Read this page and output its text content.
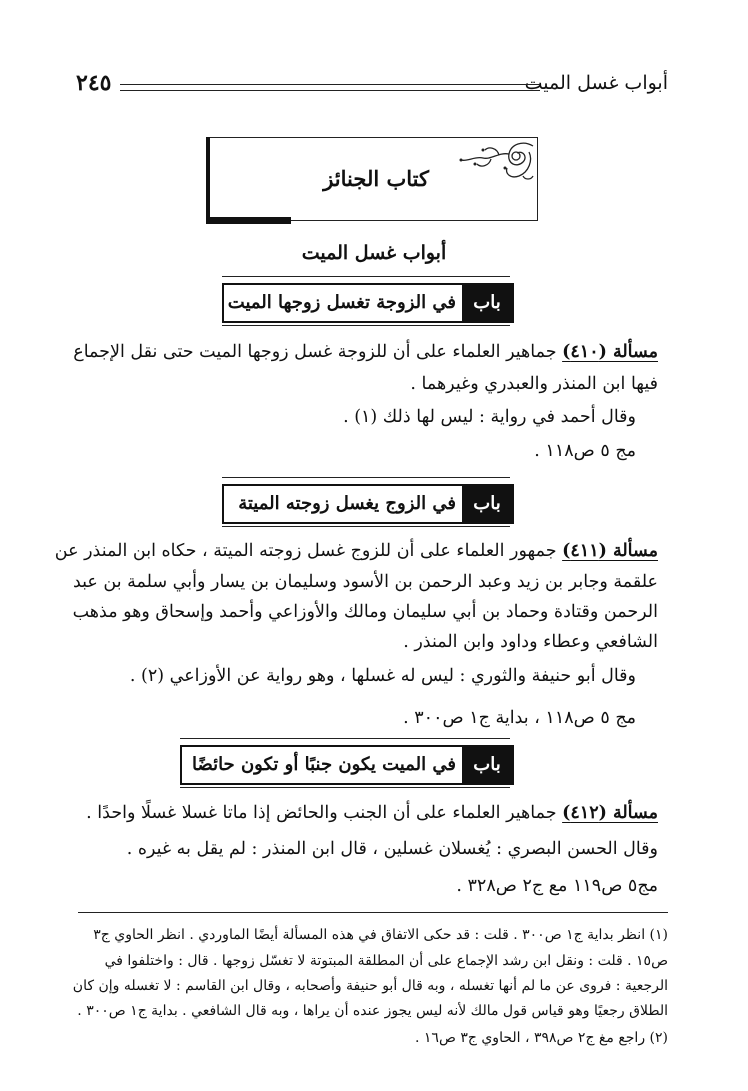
أبواب غسل الميت
٢٤٥
كتاب الجنائز
أبواب غسل الميت
باب
في الزوجة تغسل زوجها الميت
مسألة (٤١٠) جماهير العلماء على أن للزوجة غسل زوجها الميت حتى نقل الإجماع
فيها ابن المنذر والعبدري وغيرهما .
وقال أحمد في رواية : ليس لها ذلك (١) .
مج ٥ ص١١٨ .
باب
في الزوج يغسل زوجته الميتة
مسألة (٤١١) جمهور العلماء على أن للزوج غسل زوجته الميتة ، حكاه ابن المنذر عن
علقمة وجابر بن زيد وعبد الرحمن بن الأسود وسليمان بن يسار وأبي سلمة بن عبد
الرحمن وقتادة وحماد بن أبي سليمان ومالك والأوزاعي وأحمد وإسحاق وهو مذهب
الشافعي وعطاء وداود وابن المنذر .
وقال أبو حنيفة والثوري : ليس له غسلها ، وهو رواية عن الأوزاعي (٢) .
مج ٥ ص١١٨ ، بداية ج١ ص٣٠٠ .
باب
في الميت يكون جنبًا أو تكون حائضًا
مسألة (٤١٢) جماهير العلماء على أن الجنب والحائض إذا ماتا غسلا غسلًا واحدًا .
وقال الحسن البصري : يُغسلان غسلين ، قال ابن المنذر : لم يقل به غيره .
مج٥ ص١١٩ مع ج٢ ص٣٢٨ .
(١) انظر بداية ج١ ص٣٠٠ . قلت : قد حكى الاتفاق في هذه المسألة أيضًا الماوردي . انظر الحاوي ج٣
ص١٥ . قلت : ونقل ابن رشد الإجماع على أن المطلقة المبتوتة لا تغسّل زوجها . قال : واختلفوا في
الرجعية : فروى عن ما لم أنها تغسله ، وبه قال أبو حنيفة وأصحابه ، وقال ابن القاسم : لا تغسله وإن كان
الطلاق رجعيًا وهو قياس قول مالك لأنه ليس يجوز عنده أن يراها ، وبه قال الشافعي . بداية ج١ ص٣٠٠ .
(٢) راجع مغ ج٢ ص٣٩٨ ، الحاوي ج٣ ص١٦ .
